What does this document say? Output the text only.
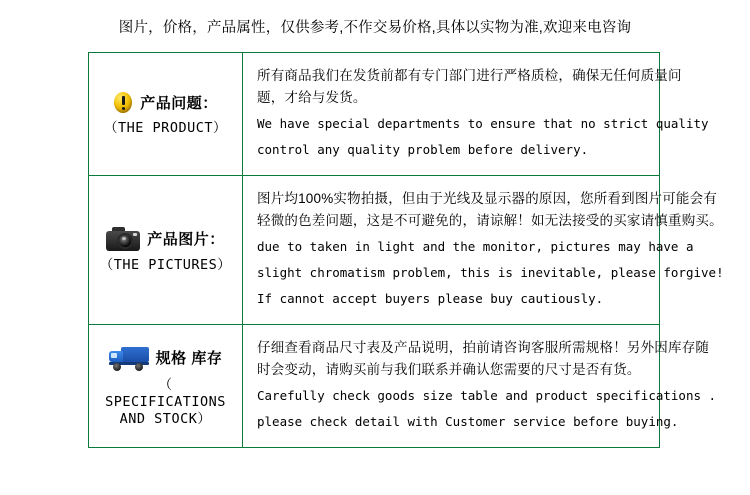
图片，价格，产品属性，仅供参考,不作交易价格,具体以实物为准,欢迎来电咨询
产品问题：
（THE PRODUCT）
所有商品我们在发货前都有专门部门进行严格质检，确保无任何质量问题，才给与发货。
We have special departments to ensure that no strict quality
control any quality problem before delivery.
产品图片：
（THE PICTURES）
图片均100%实物拍摄，但由于光线及显示器的原因，您所看到图片可能会有轻微的色差问题，这是不可避免的，请谅解！如无法接受的买家请慎重购买。
due to taken in light and the monitor, pictures may have a
slight chromatism problem, this is inevitable, please forgive!
If cannot accept buyers please buy cautiously.
规格 库存
（ SPECIFICATIONS
AND STOCK）
仔细查看商品尺寸表及产品说明，拍前请咨询客服所需规格！另外因库存随时会变动，请购买前与我们联系并确认您需要的尺寸是否有货。
Carefully check goods size table and product specifications .
please check detail with Customer service before buying.
